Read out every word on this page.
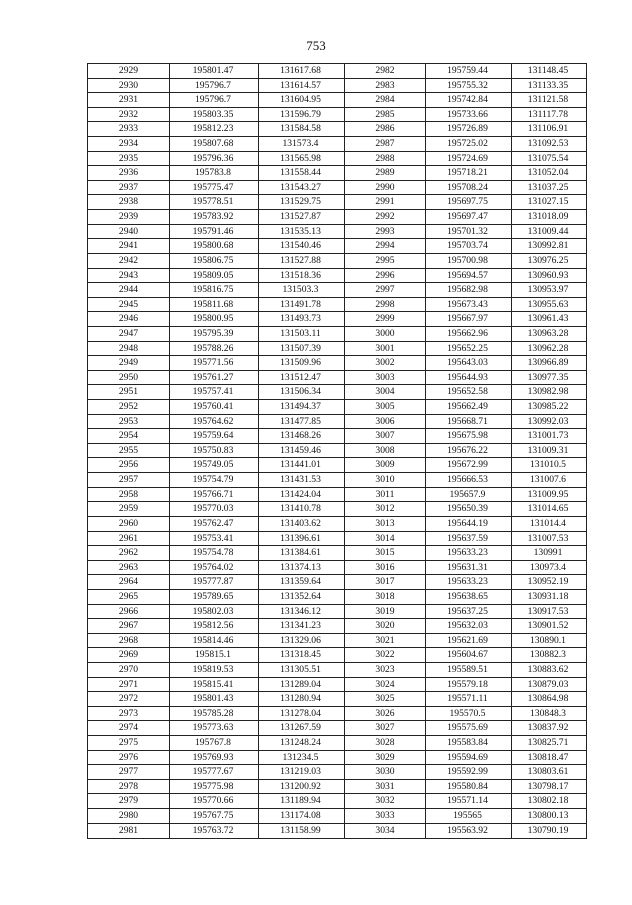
753
2929	195801.47	131617.68	2982	195759.44	131148.45
2930	195796.7	131614.57	2983	195755.32	131133.35
2931	195796.7	131604.95	2984	195742.84	131121.58
2932	195803.35	131596.79	2985	195733.66	131117.78
2933	195812.23	131584.58	2986	195726.89	131106.91
2934	195807.68	131573.4	2987	195725.02	131092.53
2935	195796.36	131565.98	2988	195724.69	131075.54
2936	195783.8	131558.44	2989	195718.21	131052.04
2937	195775.47	131543.27	2990	195708.24	131037.25
2938	195778.51	131529.75	2991	195697.75	131027.15
2939	195783.92	131527.87	2992	195697.47	131018.09
2940	195791.46	131535.13	2993	195701.32	131009.44
2941	195800.68	131540.46	2994	195703.74	130992.81
2942	195806.75	131527.88	2995	195700.98	130976.25
2943	195809.05	131518.36	2996	195694.57	130960.93
2944	195816.75	131503.3	2997	195682.98	130953.97
2945	195811.68	131491.78	2998	195673.43	130955.63
2946	195800.95	131493.73	2999	195667.97	130961.43
2947	195795.39	131503.11	3000	195662.96	130963.28
2948	195788.26	131507.39	3001	195652.25	130962.28
2949	195771.56	131509.96	3002	195643.03	130966.89
2950	195761.27	131512.47	3003	195644.93	130977.35
2951	195757.41	131506.34	3004	195652.58	130982.98
2952	195760.41	131494.37	3005	195662.49	130985.22
2953	195764.62	131477.85	3006	195668.71	130992.03
2954	195759.64	131468.26	3007	195675.98	131001.73
2955	195750.83	131459.46	3008	195676.22	131009.31
2956	195749.05	131441.01	3009	195672.99	131010.5
2957	195754.79	131431.53	3010	195666.53	131007.6
2958	195766.71	131424.04	3011	195657.9	131009.95
2959	195770.03	131410.78	3012	195650.39	131014.65
2960	195762.47	131403.62	3013	195644.19	131014.4
2961	195753.41	131396.61	3014	195637.59	131007.53
2962	195754.78	131384.61	3015	195633.23	130991
2963	195764.02	131374.13	3016	195631.31	130973.4
2964	195777.87	131359.64	3017	195633.23	130952.19
2965	195789.65	131352.64	3018	195638.65	130931.18
2966	195802.03	131346.12	3019	195637.25	130917.53
2967	195812.56	131341.23	3020	195632.03	130901.52
2968	195814.46	131329.06	3021	195621.69	130890.1
2969	195815.1	131318.45	3022	195604.67	130882.3
2970	195819.53	131305.51	3023	195589.51	130883.62
2971	195815.41	131289.04	3024	195579.18	130879.03
2972	195801.43	131280.94	3025	195571.11	130864.98
2973	195785.28	131278.04	3026	195570.5	130848.3
2974	195773.63	131267.59	3027	195575.69	130837.92
2975	195767.8	131248.24	3028	195583.84	130825.71
2976	195769.93	131234.5	3029	195594.69	130818.47
2977	195777.67	131219.03	3030	195592.99	130803.61
2978	195775.98	131200.92	3031	195580.84	130798.17
2979	195770.66	131189.94	3032	195571.14	130802.18
2980	195767.75	131174.08	3033	195565	130800.13
2981	195763.72	131158.99	3034	195563.92	130790.19
